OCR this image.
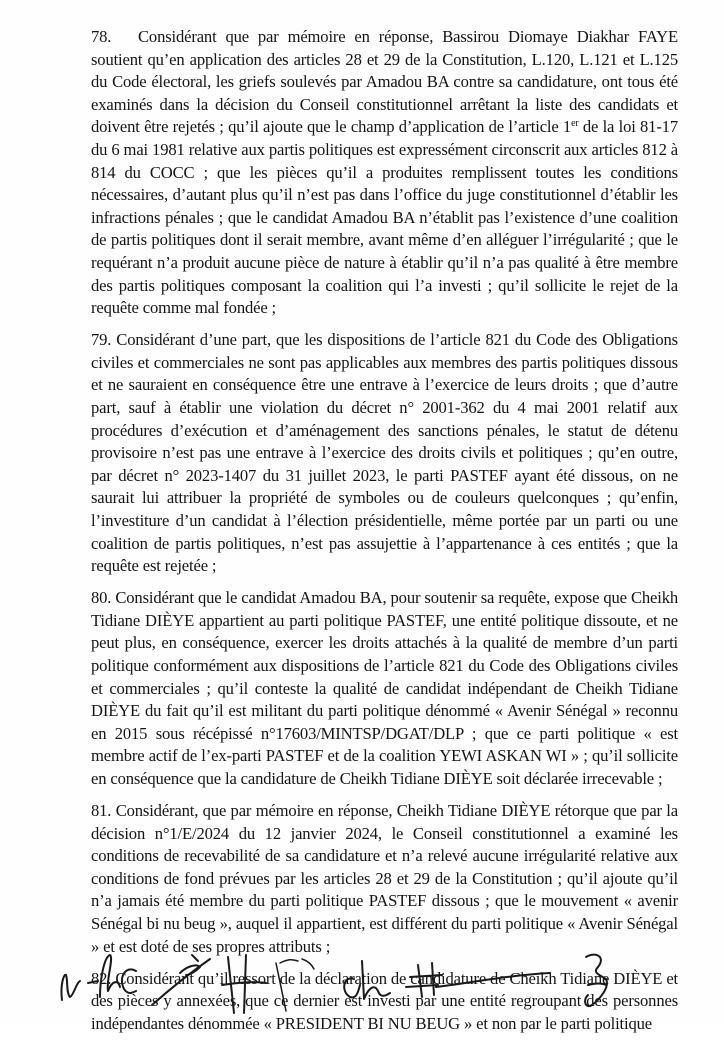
78. Considérant que par mémoire en réponse, Bassirou Diomaye Diakhar FAYE soutient qu’en application des articles 28 et 29 de la Constitution, L.120, L.121 et L.125 du Code électoral, les griefs soulevés par Amadou BA contre sa candidature, ont tous été examinés dans la décision du Conseil constitutionnel arrêtant la liste des candidats et doivent être rejetés ; qu’il ajoute que le champ d’application de l’article 1er de la loi 81-17 du 6 mai 1981 relative aux partis politiques est expressément circonscrit aux articles 812 à 814 du COCC ; que les pièces qu’il a produites remplissent toutes les conditions nécessaires, d’autant plus qu’il n’est pas dans l’office du juge constitutionnel d’établir les infractions pénales ; que le candidat Amadou BA n’établit pas l’existence d’une coalition de partis politiques dont il serait membre, avant même d’en alléguer l’irrégularité ; que le requérant n’a produit aucune pièce de nature à établir qu’il n’a pas qualité à être membre des partis politiques composant la coalition qui l’a investi ; qu’il sollicite le rejet de la requête comme mal fondée ;

79. Considérant d’une part, que les dispositions de l’article 821 du Code des Obligations civiles et commerciales ne sont pas applicables aux membres des partis politiques dissous et ne sauraient en conséquence être une entrave à l’exercice de leurs droits ; que d’autre part, sauf à établir une violation du décret n° 2001-362 du 4 mai 2001 relatif aux procédures d’exécution et d’aménagement des sanctions pénales, le statut de détenu provisoire n’est pas une entrave à l’exercice des droits civils et politiques ; qu’en outre, par décret n° 2023-1407 du 31 juillet 2023, le parti PASTEF ayant été dissous, on ne saurait lui attribuer la propriété de symboles ou de couleurs quelconques ; qu’enfin, l’investiture d’un candidat à l’élection présidentielle, même portée par un parti ou une coalition de partis politiques, n’est pas assujettie à l’appartenance à ces entités ; que la requête est rejetée ;

80. Considérant que le candidat Amadou BA, pour soutenir sa requête, expose que Cheikh Tidiane DIÈYE appartient au parti politique PASTEF, une entité politique dissoute, et ne peut plus, en conséquence, exercer les droits attachés à la qualité de membre d’un parti politique conformément aux dispositions de l’article 821 du Code des Obligations civiles et commerciales ; qu’il conteste la qualité de candidat indépendant de Cheikh Tidiane DIÈYE du fait qu’il est militant du parti politique dénommé « Avenir Sénégal » reconnu en 2015 sous récépissé n°17603/MINTSP/DGAT/DLP ; que ce parti politique « est membre actif de l’ex-parti PASTEF et de la coalition YEWI ASKAN WI » ; qu’il sollicite en conséquence que la candidature de Cheikh Tidiane DIÈYE soit déclarée irrecevable ;

81. Considérant, que par mémoire en réponse, Cheikh Tidiane DIÈYE rétorque que par la décision n°1/E/2024 du 12 janvier 2024, le Conseil constitutionnel a examiné les conditions de recevabilité de sa candidature et n’a relevé aucune irrégularité relative aux conditions de fond prévues par les articles 28 et 29 de la Constitution ; qu’il ajoute qu’il n’a jamais été membre du parti politique PASTEF dissous ; que le mouvement « avenir Sénégal bi nu beug », auquel il appartient, est différent du parti politique « Avenir Sénégal » et est doté de ses propres attributs ;

82. Considérant qu’il ressort de la déclaration de candidature de Cheikh Tidiane DIÈYE et des pièces y annexées, que ce dernier est investi par une entité regroupant des personnes indépendantes dénommée « PRESIDENT BI NU BEUG » et non par le parti politique
